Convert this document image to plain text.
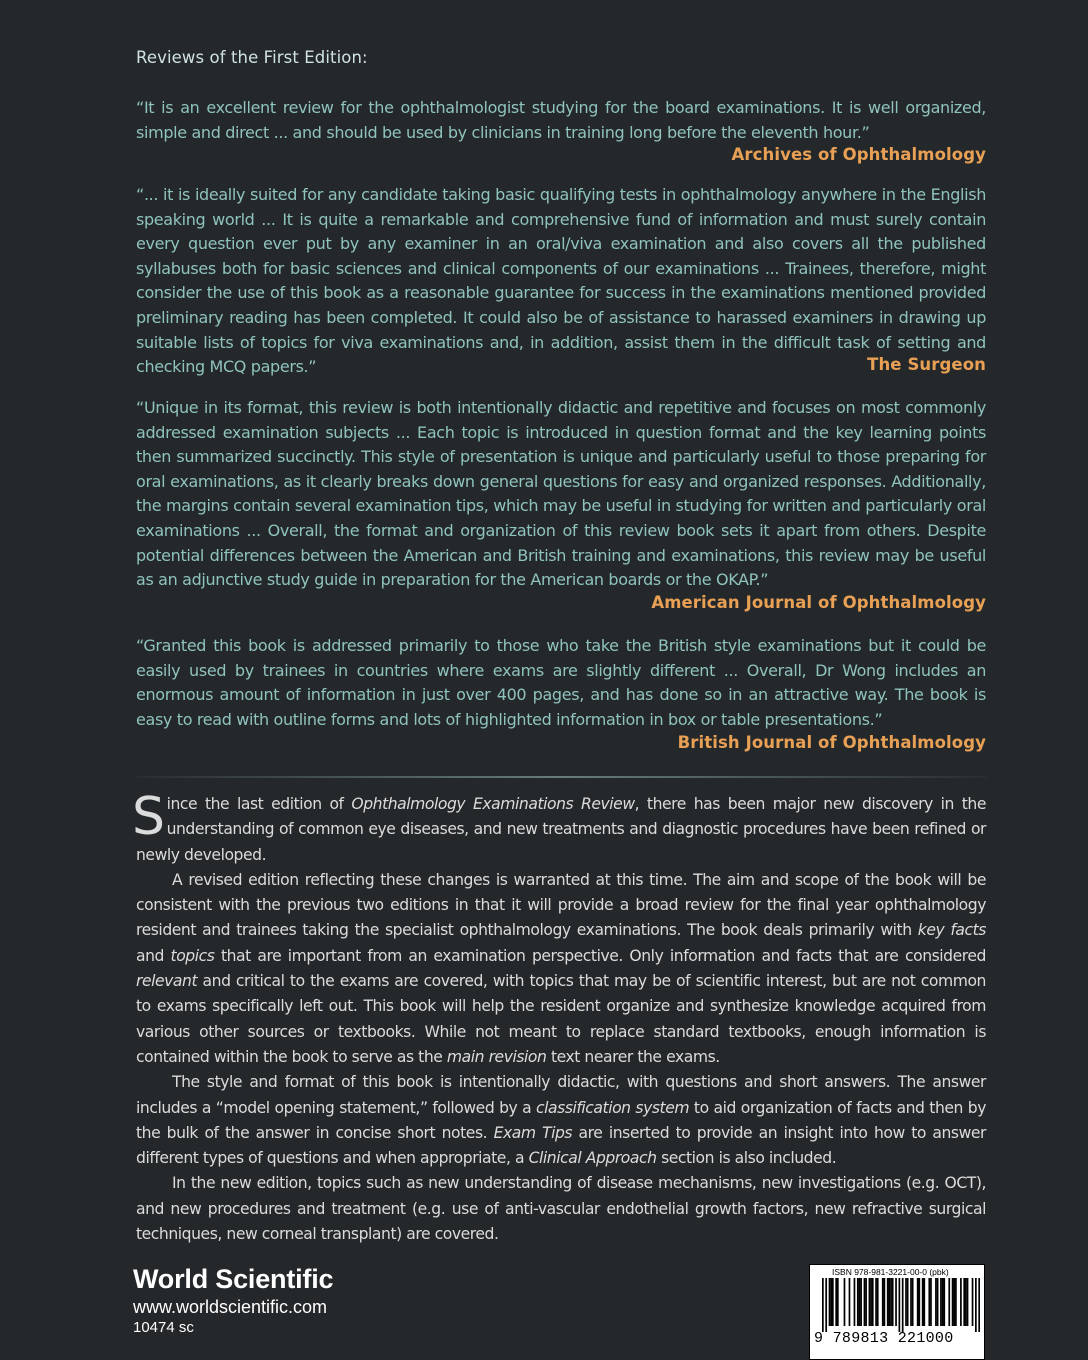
Reviews of the First Edition:
“It is an excellent review for the ophthalmologist studying for the board examinations. It is well organized, simple and direct ... and should be used by clinicians in training long before the eleventh hour.”
Archives of Ophthalmology
“... it is ideally suited for any candidate taking basic qualifying tests in ophthalmology anywhere in the English speaking world ... It is quite a remarkable and comprehensive fund of information and must surely contain every question ever put by any examiner in an oral/viva examination and also covers all the published syllabuses both for basic sciences and clinical components of our examinations ... Trainees, therefore, might consider the use of this book as a reasonable guarantee for success in the examinations mentioned provided preliminary reading has been completed. It could also be of assistance to harassed examiners in drawing up suitable lists of topics for viva examinations and, in addition, assist them in the difficult task of setting and checking MCQ papers.”	The Surgeon
“Unique in its format, this review is both intentionally didactic and repetitive and focuses on most commonly addressed examination subjects ... Each topic is introduced in question format and the key learning points then summarized succinctly. This style of presentation is unique and particularly useful to those preparing for oral examinations, as it clearly breaks down general questions for easy and organized responses. Additionally, the margins contain several examination tips, which may be useful in studying for written and particularly oral examinations ... Overall, the format and organization of this review book sets it apart from others. Despite potential differences between the American and British training and examinations, this review may be useful as an adjunctive study guide in preparation for the American boards or the OKAP.”
American Journal of Ophthalmology
“Granted this book is addressed primarily to those who take the British style examinations but it could be easily used by trainees in countries where exams are slightly different ... Overall, Dr Wong includes an enormous amount of information in just over 400 pages, and has done so in an attractive way. The book is easy to read with outline forms and lots of highlighted information in box or table presentations.”
British Journal of Ophthalmology

Since the last edition of Ophthalmology Examinations Review, there has been major new discovery in the understanding of common eye diseases, and new treatments and diagnostic procedures have been refined or newly developed.

A revised edition reflecting these changes is warranted at this time. The aim and scope of the book will be consistent with the previous two editions in that it will provide a broad review for the final year ophthalmology resident and trainees taking the specialist ophthalmology examinations. The book deals primarily with key facts and topics that are important from an examination perspective. Only information and facts that are considered relevant and critical to the exams are covered, with topics that may be of scientific interest, but are not common to exams specifically left out. This book will help the resident organize and synthesize knowledge acquired from various other sources or textbooks. While not meant to replace standard textbooks, enough information is contained within the book to serve as the main revision text nearer the exams.

The style and format of this book is intentionally didactic, with questions and short answers. The answer includes a “model opening statement,” followed by a classification system to aid organization of facts and then by the bulk of the answer in concise short notes. Exam Tips are inserted to provide an insight into how to answer different types of questions and when appropriate, a Clinical Approach section is also included.

In the new edition, topics such as new understanding of disease mechanisms, new investigations (e.g. OCT), and new procedures and treatment (e.g. use of anti-vascular endothelial growth factors, new refractive surgical techniques, new corneal transplant) are covered.

World Scientific
www.worldscientific.com
10474 sc
ISBN 978-981-3221-00-0 (pbk)
9 789813 221000
